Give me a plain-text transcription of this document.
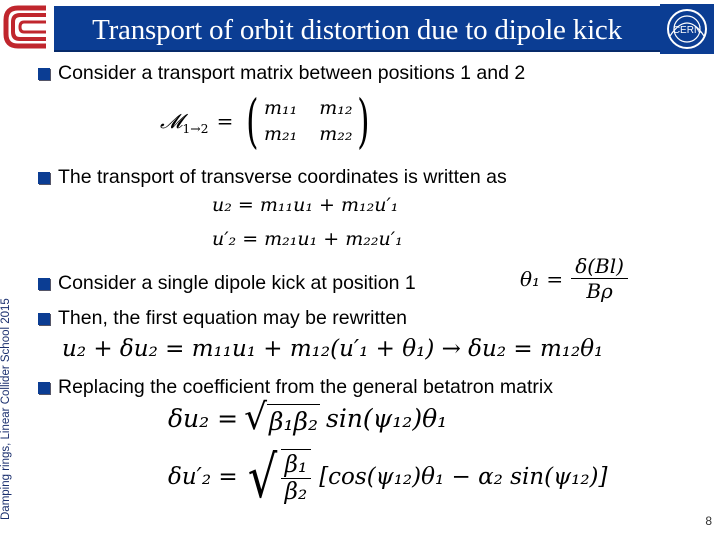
Transport of orbit distortion due to dipole kick	CERN
Damping rings, Linear Collider School 2015
Consider a transport matrix between positions 1 and 2
𝓜$_{1\to 2}$ = ( m₁₁ m₁₂
m₂₁ m₂₂ )
The transport of transverse coordinates is written as
u₂ = m₁₁u₁ + m₁₂u′₁
u′₂ = m₂₁u₁ + m₂₂u′₁
Consider a single dipole kick at position 1	$\theta_1 = \frac{\delta(Bl)}{B\rho}$
Then, the first equation may be rewritten
u₂ + δu₂ = m₁₁u₁ + m₁₂(u′₁ + θ₁) → δu₂ = m₁₂θ₁
Replacing the coefficient from the general betatron matrix
δu₂ = √ β₁β₂ sin(ψ₁₂)θ₁
δu′₂ = √ $\frac{\text{β₁}}{\text{β₂}} [\cos(\psi_{12})\theta_1 - \alpha_2$ sin(ψ₁₂)]
8
